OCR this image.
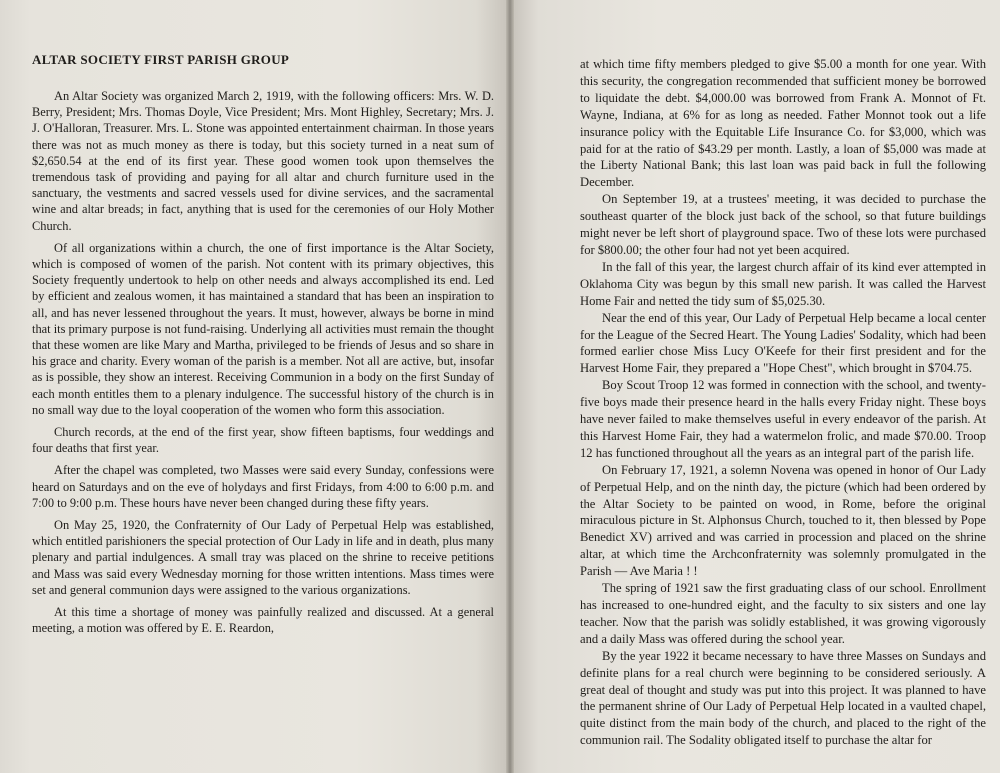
ALTAR SOCIETY FIRST PARISH GROUP

An Altar Society was organized March 2, 1919, with the following officers: Mrs. W. D. Berry, President; Mrs. Thomas Doyle, Vice President; Mrs. Mont Highley, Secretary; Mrs. J. J. O'Halloran, Treasurer. Mrs. L. Stone was appointed entertainment chairman. In those years there was not as much money as there is today, but this society turned in a neat sum of $2,650.54 at the end of its first year. These good women took upon themselves the tremendous task of providing and paying for all altar and church furniture used in the sanctuary, the vestments and sacred vessels used for divine services, and the sacramental wine and altar breads; in fact, anything that is used for the ceremonies of our Holy Mother Church.

Of all organizations within a church, the one of first importance is the Altar Society, which is composed of women of the parish. Not content with its primary objectives, this Society frequently undertook to help on other needs and always accomplished its end. Led by efficient and zealous women, it has maintained a standard that has been an inspiration to all, and has never lessened throughout the years. It must, however, always be borne in mind that its primary purpose is not fund-raising. Underlying all activities must remain the thought that these women are like Mary and Martha, privileged to be friends of Jesus and so share in his grace and charity. Every woman of the parish is a member. Not all are active, but, insofar as is possible, they show an interest. Receiving Communion in a body on the first Sunday of each month entitles them to a plenary indulgence. The successful history of the church is in no small way due to the loyal cooperation of the women who form this association.

Church records, at the end of the first year, show fifteen baptisms, four weddings and four deaths that first year.

After the chapel was completed, two Masses were said every Sunday, confessions were heard on Saturdays and on the eve of holydays and first Fridays, from 4:00 to 6:00 p.m. and 7:00 to 9:00 p.m. These hours have never been changed during these fifty years.

On May 25, 1920, the Confraternity of Our Lady of Perpetual Help was established, which entitled parishioners the special protection of Our Lady in life and in death, plus many plenary and partial indulgences. A small tray was placed on the shrine to receive petitions and Mass was said every Wednesday morning for those written intentions. Mass times were set and general communion days were assigned to the various organizations.

At this time a shortage of money was painfully realized and discussed. At a general meeting, a motion was offered by E. E. Reardon,

at which time fifty members pledged to give $5.00 a month for one year. With this security, the congregation recommended that sufficient money be borrowed to liquidate the debt. $4,000.00 was borrowed from Frank A. Monnot of Ft. Wayne, Indiana, at 6% for as long as needed. Father Monnot took out a life insurance policy with the Equitable Life Insurance Co. for $3,000, which was paid for at the ratio of $43.29 per month. Lastly, a loan of $5,000 was made at the Liberty National Bank; this last loan was paid back in full the following December.

On September 19, at a trustees' meeting, it was decided to purchase the southeast quarter of the block just back of the school, so that future buildings might never be left short of playground space. Two of these lots were purchased for $800.00; the other four had not yet been acquired.

In the fall of this year, the largest church affair of its kind ever attempted in Oklahoma City was begun by this small new parish. It was called the Harvest Home Fair and netted the tidy sum of $5,025.30.

Near the end of this year, Our Lady of Perpetual Help became a local center for the League of the Secred Heart. The Young Ladies' Sodality, which had been formed earlier chose Miss Lucy O'Keefe for their first president and for the Harvest Home Fair, they prepared a "Hope Chest", which brought in $704.75.

Boy Scout Troop 12 was formed in connection with the school, and twenty-five boys made their presence heard in the halls every Friday night. These boys have never failed to make themselves useful in every endeavor of the parish. At this Harvest Home Fair, they had a watermelon frolic, and made $70.00. Troop 12 has functioned throughout all the years as an integral part of the parish life.

On February 17, 1921, a solemn Novena was opened in honor of Our Lady of Perpetual Help, and on the ninth day, the picture (which had been ordered by the Altar Society to be painted on wood, in Rome, before the original miraculous picture in St. Alphonsus Church, touched to it, then blessed by Pope Benedict XV) arrived and was carried in procession and placed on the shrine altar, at which time the Archconfraternity was solemnly promulgated in the Parish — Ave Maria ! !

The spring of 1921 saw the first graduating class of our school. Enrollment has increased to one-hundred eight, and the faculty to six sisters and one lay teacher. Now that the parish was solidly established, it was growing vigorously and a daily Mass was offered during the school year.

By the year 1922 it became necessary to have three Masses on Sundays and definite plans for a real church were beginning to be considered seriously. A great deal of thought and study was put into this project. It was planned to have the permanent shrine of Our Lady of Perpetual Help located in a vaulted chapel, quite distinct from the main body of the church, and placed to the right of the communion rail. The Sodality obligated itself to purchase the altar for
